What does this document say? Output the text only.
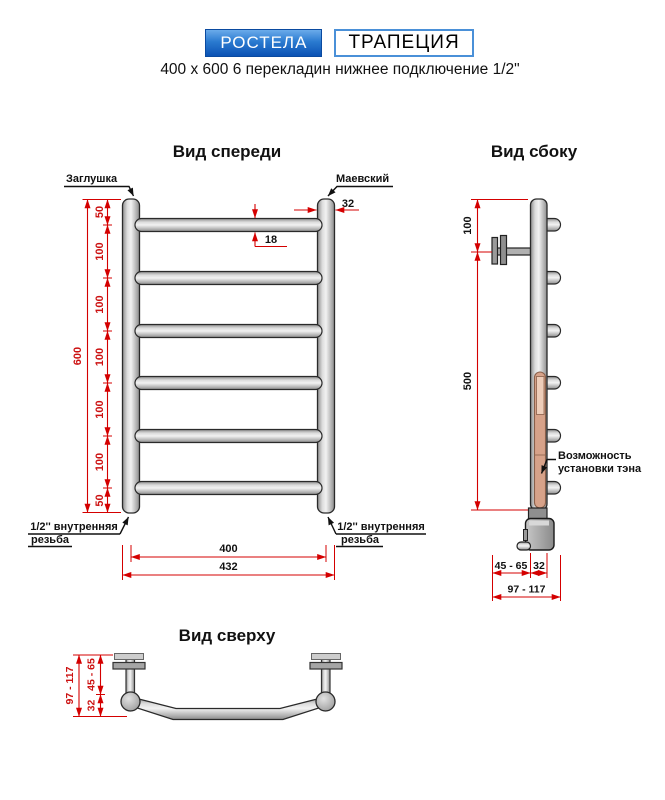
РОСТЕЛА	ТРАПЕЦИЯ
400 x 600 6 перекладин нижнее подключение 1/2"
Вид спереди
Заглушка	Маевский
32
18
600
50
100
100
100
100
100
50
1/2'' внутренняя
резьба
1/2'' внутренняя
резьба
400
432
Вид сбоку
Возможность
установки тэна
100
500
45 - 65 32
97 - 117
Вид сверху
97 - 117 45 - 65
32
